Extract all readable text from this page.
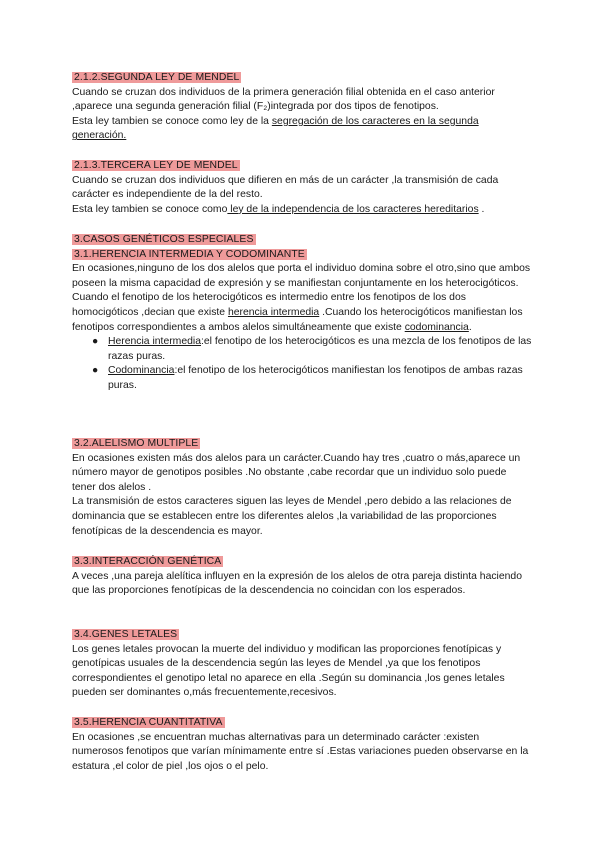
2.1.2.SEGUNDA LEY DE MENDEL

Cuando se cruzan dos individuos de la primera generación filial obtenida en el caso anterior ,aparece una segunda generación filial (F₂)integrada por dos tipos de fenotipos.

Esta ley tambien se conoce como ley de la segregación de los caracteres en la segunda generación.

2.1.3.TERCERA LEY DE MENDEL

Cuando se cruzan dos individuos que difieren en más de un carácter ,la transmisión de cada carácter es independiente de la del resto.

Esta ley tambien se conoce como ley de la independencia de los caracteres hereditarios .

3.CASOS GENÉTICOS ESPECIALES
3.1.HERENCIA INTERMEDIA Y CODOMINANTE

En ocasiones,ninguno de los dos alelos que porta el individuo domina sobre el otro,sino que ambos poseen la misma capacidad de expresión y se manifiestan conjuntamente en los heterocigóticos.

Cuando el fenotipo de los heterocigóticos es intermedio entre los fenotipos de los dos homocigóticos ,decian que existe herencia intermedia .Cuando los heterocigóticos manifiestan los fenotipos correspondientes a ambos alelos simultáneamente que existe codominancia.

● Herencia intermedia:el fenotipo de los heterocigóticos es una mezcla de los fenotipos de las razas puras.
● Codominancia:el fenotipo de los heterocigóticos manifiestan los fenotipos de ambas razas puras.
3.2.ALELISMO MULTIPLE

En ocasiones existen más dos alelos para un carácter.Cuando hay tres ,cuatro o más,aparece un número mayor de genotipos posibles .No obstante ,cabe recordar que un individuo solo puede tener dos alelos .

La transmisión de estos caracteres siguen las leyes de Mendel ,pero debido a las relaciones de dominancia que se establecen entre los diferentes alelos ,la variabilidad de las proporciones fenotípicas de la descendencia es mayor.

3.3.INTERACCIÓN GENÉTICA

A veces ,una pareja alelítica influyen en la expresión de los alelos de otra pareja distinta haciendo que las proporciones fenotípicas de la descendencia no coincidan con los esperados.

3.4.GENES LETALES

Los genes letales provocan la muerte del individuo y modifican las proporciones fenotípicas y genotípicas usuales de la descendencia según las leyes de Mendel ,ya que los fenotipos correspondientes el genotipo letal no aparece en ella .Según su dominancia ,los genes letales pueden ser dominantes o,más frecuentemente,recesivos.

3.5.HERENCIA CUANTITATIVA

En ocasiones ,se encuentran muchas alternativas para un determinado carácter :existen numerosos fenotipos que varían mínimamente entre sí .Estas variaciones pueden observarse en la estatura ,el color de piel ,los ojos o el pelo.
